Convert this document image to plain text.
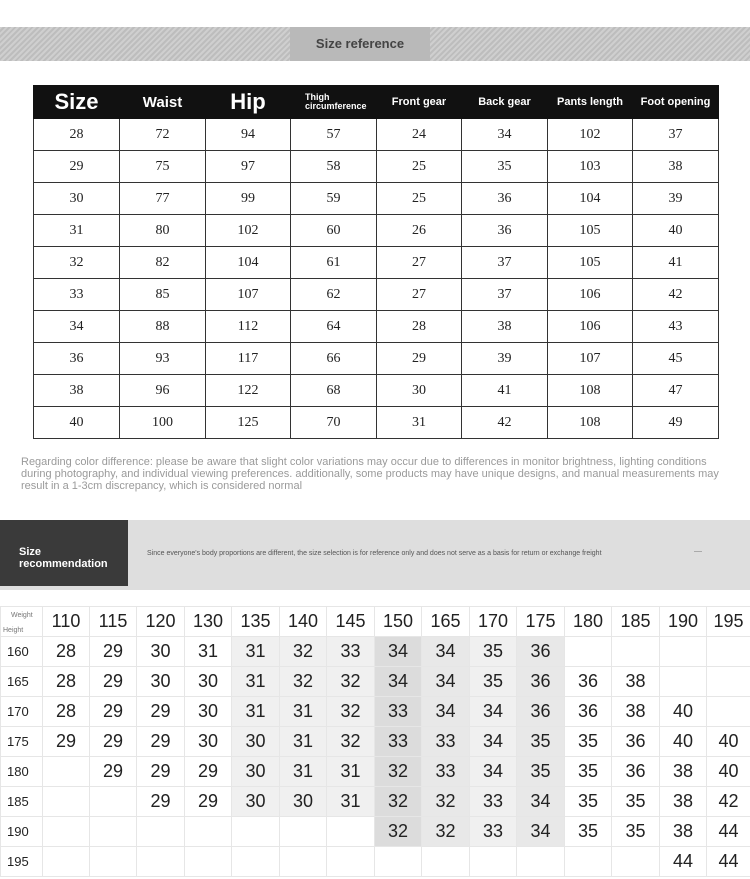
Size reference
Size	Waist	Hip	Thigh circumference	Front gear	Back gear	Pants length	Foot opening
28	72	94	57	24	34	102	37
29	75	97	58	25	35	103	38
30	77	99	59	25	36	104	39
31	80	102	60	26	36	105	40
32	82	104	61	27	37	105	41
33	85	107	62	27	37	106	42
34	88	112	64	28	38	106	43
36	93	117	66	29	39	107	45
38	96	122	68	30	41	108	47
40	100	125	70	31	42	108	49
Regarding color difference: please be aware that slight color variations may occur due to differences in monitor brightness, lighting conditions during photography, and individual viewing preferences. additionally, some products may have unique designs, and manual measurements may result in a 1-3cm discrepancy, which is considered normal
Size recommendation
Since everyone's body proportions are different, the size selection is for reference only and does not serve as a basis for return or exchange freight
Weight
Height	110	115	120	130	135	140	145	150	165	170	175	180	185	190	195
160	28	29	30	31	31	32	33	34	34	35	36				
165	28	29	30	30	31	32	32	34	34	35	36	36	38		
170	28	29	29	30	31	31	32	33	34	34	36	36	38	40	
175	29	29	29	30	30	31	32	33	33	34	35	35	36	40	40
180		29	29	29	30	31	31	32	33	34	35	35	36	38	40
185			29	29	30	30	31	32	32	33	34	35	35	38	42
190								32	32	33	34	35	35	38	44
195														44	44
